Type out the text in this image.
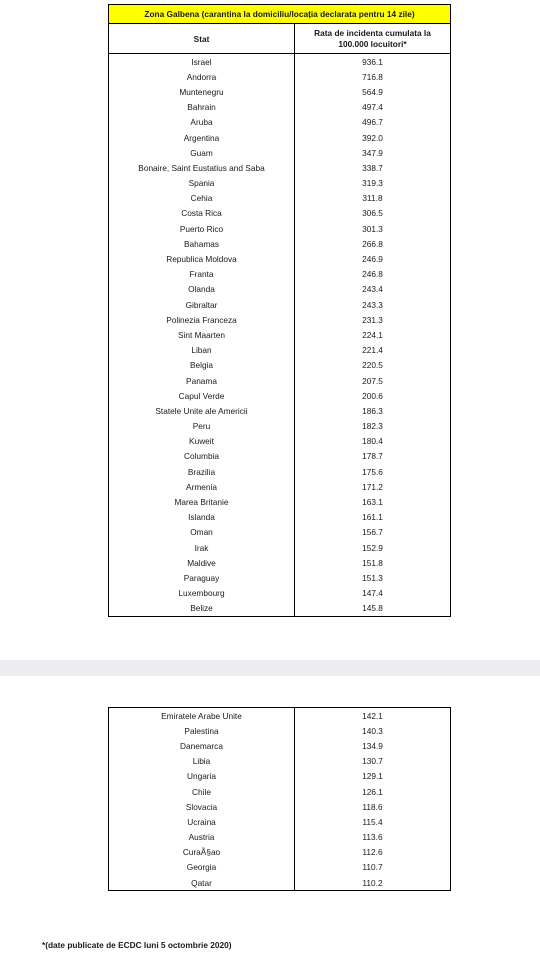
Zona Galbena (carantina la domiciliu/locația declarata pentru 14 zile)	
Stat	Rata de incidenta cumulata la
100.000 locuitori*
Israel	936.1
Andorra	716.8
Muntenegru	564.9
Bahrain	497.4
Aruba	496.7
Argentina	392.0
Guam	347.9
Bonaire, Saint Eustatius and Saba	338.7
Spania	319.3
Cehia	311.8
Costa Rica	306.5
Puerto Rico	301.3
Bahamas	266.8
Republica Moldova	246.9
Franta	246.8
Olanda	243.4
Gibraltar	243.3
Polinezia Franceza	231.3
Sint Maarten	224.1
Liban	221.4
Belgia	220.5
Panama	207.5
Capul Verde	200.6
Statele Unite ale Americii	186.3
Peru	182.3
Kuweit	180.4
Columbia	178.7
Brazilia	175.6
Armenia	171.2
Marea Britanie	163.1
Islanda	161.1
Oman	156.7
Irak	152.9
Maldive	151.8
Paraguay	151.3
Luxembourg	147.4
Belize	145.8
Emiratele Arabe Unite	142.1
Palestina	140.3
Danemarca	134.9
Libia	130.7
Ungaria	129.1
Chile	126.1
Slovacia	118.6
Ucraina	115.4
Austria	113.6
CuraÃ§ao	112.6
Georgia	110.7
Qatar	110.2
*(date publicate de ECDC luni 5 octombrie 2020)
